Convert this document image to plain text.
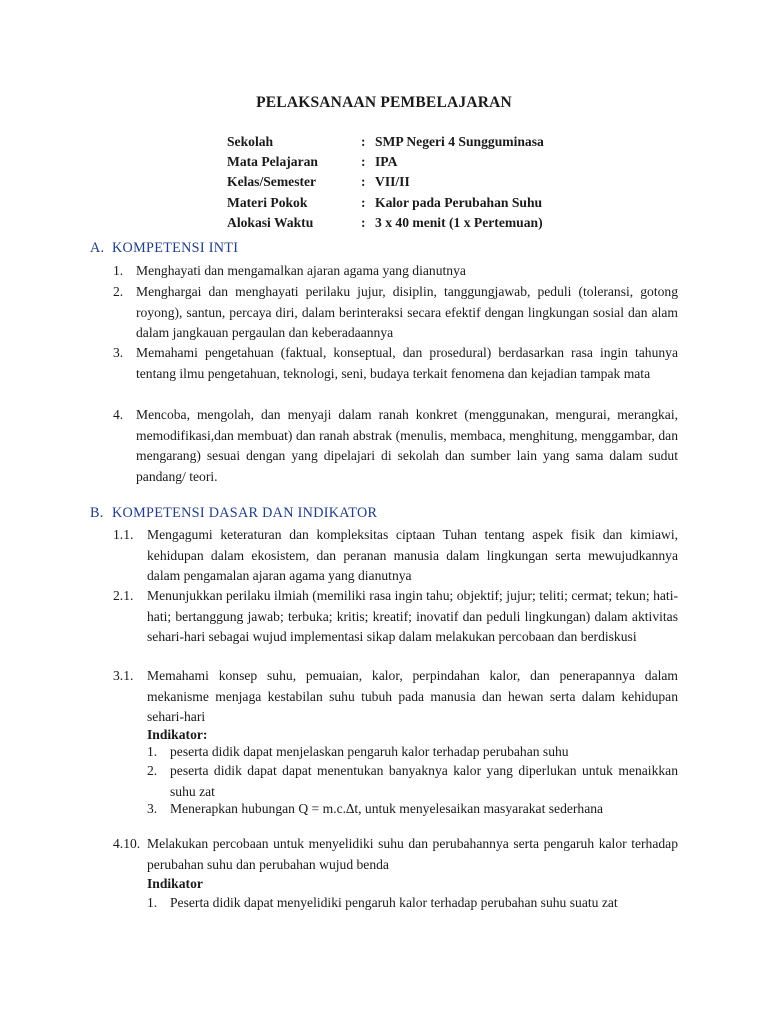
PELAKSANAAN PEMBELAJARAN
Sekolah	: SMP Negeri 4 Sungguminasa
Mata Pelajaran	: IPA
Kelas/Semester	: VII/II
Materi Pokok	: Kalor pada Perubahan Suhu
Alokasi Waktu	: 3 x 40 menit (1 x Pertemuan)
A. KOMPETENSI INTI
1. Menghayati dan mengamalkan ajaran agama yang dianutnya
2. Menghargai dan menghayati perilaku jujur, disiplin, tanggungjawab, peduli (toleransi, gotong royong), santun, percaya diri, dalam berinteraksi secara efektif dengan lingkungan sosial dan alam dalam jangkauan pergaulan dan keberadaannya
3. Memahami pengetahuan (faktual, konseptual, dan prosedural) berdasarkan rasa ingin tahunya tentang ilmu pengetahuan, teknologi, seni, budaya terkait fenomena dan kejadian tampak mata
4. Mencoba, mengolah, dan menyaji dalam ranah konkret (menggunakan, mengurai, merangkai, memodifikasi,dan membuat) dan ranah abstrak (menulis, membaca, menghitung, menggambar, dan mengarang) sesuai dengan yang dipelajari di sekolah dan sumber lain yang sama dalam sudut pandang/ teori.
B. KOMPETENSI DASAR DAN INDIKATOR
1.1. Mengagumi keteraturan dan kompleksitas ciptaan Tuhan tentang aspek fisik dan kimiawi, kehidupan dalam ekosistem, dan peranan manusia dalam lingkungan serta mewujudkannya dalam pengamalan ajaran agama yang dianutnya
2.1. Menunjukkan perilaku ilmiah (memiliki rasa ingin tahu; objektif; jujur; teliti; cermat; tekun; hati-hati; bertanggung jawab; terbuka; kritis; kreatif; inovatif dan peduli lingkungan) dalam aktivitas sehari-hari sebagai wujud implementasi sikap dalam melakukan percobaan dan berdiskusi
3.1. Memahami konsep suhu, pemuaian, kalor, perpindahan kalor, dan penerapannya dalam mekanisme menjaga kestabilan suhu tubuh pada manusia dan hewan serta dalam kehidupan sehari-hari
Indikator:
1. peserta didik dapat menjelaskan pengaruh kalor terhadap perubahan suhu
2. peserta didik dapat dapat menentukan banyaknya kalor yang diperlukan untuk menaikkan suhu zat
3. Menerapkan hubungan Q = m.c.∆t, untuk menyelesaikan masyarakat sederhana
4.10. Melakukan percobaan untuk menyelidiki suhu dan perubahannya serta pengaruh kalor terhadap perubahan suhu dan perubahan wujud benda
Indikator
1. Peserta didik dapat menyelidiki pengaruh kalor terhadap perubahan suhu suatu zat
